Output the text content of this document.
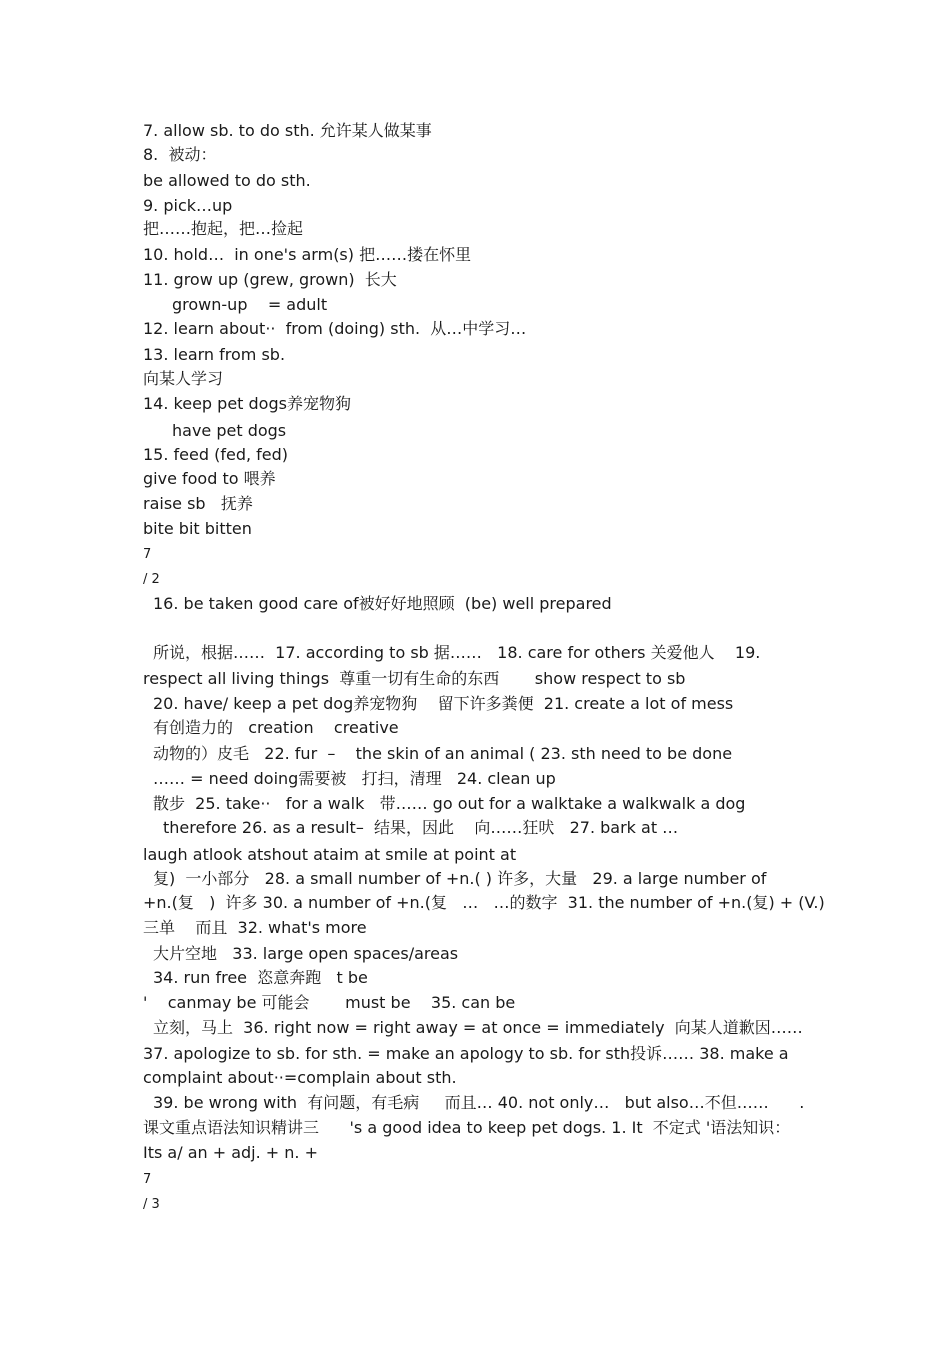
7. allow sb. to do sth. 允许某人做某事
8.  被动：
be allowed to do sth.
9. pick…up
把……抱起，把…捡起
10. hold…  in one's arm(s) 把……搂在怀里
11. grow up (grew, grown)  长大
grown-up    = adult
12. learn about··  from (doing) sth.  从…中学习…
13. learn from sb.
向某人学习
14. keep pet dogs养宠物狗
have pet dogs
15. feed (fed, fed)
give food to 喂养
raise sb   抚养
bite bit bitten
7
/ 2
16. be taken good care of被好好地照顾  (be) well prepared
所说，根据……  17. according to sb 据……   18. care for others 关爱他人    19.
respect all living things  尊重一切有生命的东西       show respect to sb
20. have/ keep a pet dog养宠物狗    留下许多粪便  21. create a lot of mess
有创造力的   creation    creative
动物的）皮毛   22. fur  –    the skin of an animal ( 23. sth need to be done
…… = need doing需要被   打扫，清理   24. clean up
散步  25. take··   for a walk   带…… go out for a walktake a walkwalk a dog
therefore 26. as a result–  结果，因此    向……狂吠   27. bark at …
laugh atlook atshout ataim at smile at point at
复)  一小部分   28. a small number of +n.( ) 许多，大量   29. a large number of
+n.(复   )  许多 30. a number of +n.(复   …   …的数字  31. the number of +n.(复) + (V.)
三单    而且  32. what's more
大片空地   33. large open spaces/areas
34. run free  恣意奔跑   t be
'    canmay be 可能会       must be    35. can be
立刻，马上  36. right now = right away = at once = immediately  向某人道歉因……
37. apologize to sb. for sth. = make an apology to sb. for sth投诉…… 38. make a
complaint about··=complain about sth.
39. be wrong with  有问题，有毛病     而且… 40. not only…   but also…不但……      .
课文重点语法知识精讲三      's a good idea to keep pet dogs. 1. It  不定式 '语法知识：
Its a/ an + adj. + n. +
7
/ 3
